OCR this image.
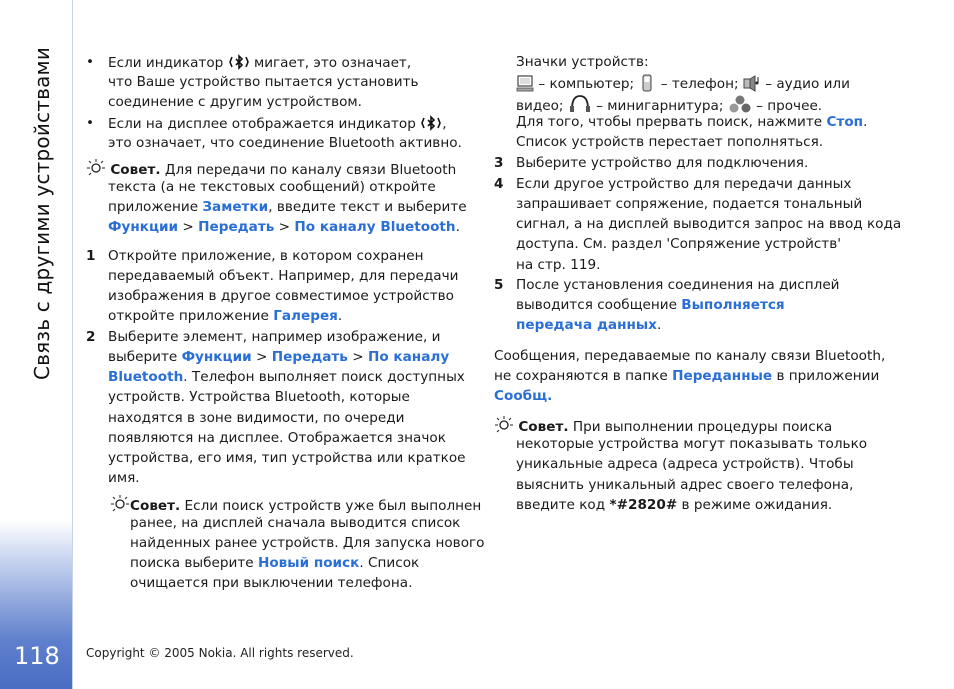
Связь с другими устройствами
118
• Если индикатор мигает, это означает,
что Ваше устройство пытается установить
соединение с другим устройством.
• Если на дисплее отображается индикатор ,
это означает, что соединение Bluetooth активно.
Совет. Для передачи по каналу связи Bluetooth
текста (а не текстовых сообщений) откройте
приложение Заметки, введите текст и выберите
Функции > Передать > По каналу Bluetooth.
1 Откройте приложение, в котором сохранен
передаваемый объект. Например, для передачи
изображения в другое совместимое устройство
откройте приложение Галерея.
2 Выберите элемент, например изображение, и
выберите Функции > Передать > По каналу
Bluetooth. Телефон выполняет поиск доступных
устройств. Устройства Bluetooth, которые
находятся в зоне видимости, по очереди
появляются на дисплее. Отображается значок
устройства, его имя, тип устройства или краткое
имя.
Совет. Если поиск устройств уже был выполнен
ранее, на дисплей сначала выводится список
найденных ранее устройств. Для запуска нового
поиска выберите Новый поиск. Список
очищается при выключении телефона.
Значки устройств:
– компьютер; – телефон; – аудио или
видео; – минигарнитура; – прочее.
Для того, чтобы прервать поиск, нажмите Стоп.
Список устройств перестает пополняться.
3 Выберите устройство для подключения.
4 Если другое устройство для передачи данных
запрашивает сопряжение, подается тональный
сигнал, а на дисплей выводится запрос на ввод кода
доступа. См. раздел 'Сопряжение устройств'
на стр. 119.
5 После установления соединения на дисплей
выводится сообщение Выполняется
передача данных.
Сообщения, передаваемые по каналу связи Bluetooth,
не сохраняются в папке Переданные в приложении
Сообщ.
Совет. При выполнении процедуры поиска
некоторые устройства могут показывать только
уникальные адреса (адреса устройств). Чтобы
выяснить уникальный адрес своего телефона,
введите код *#2820# в режиме ожидания.
Copyright © 2005 Nokia. All rights reserved.
